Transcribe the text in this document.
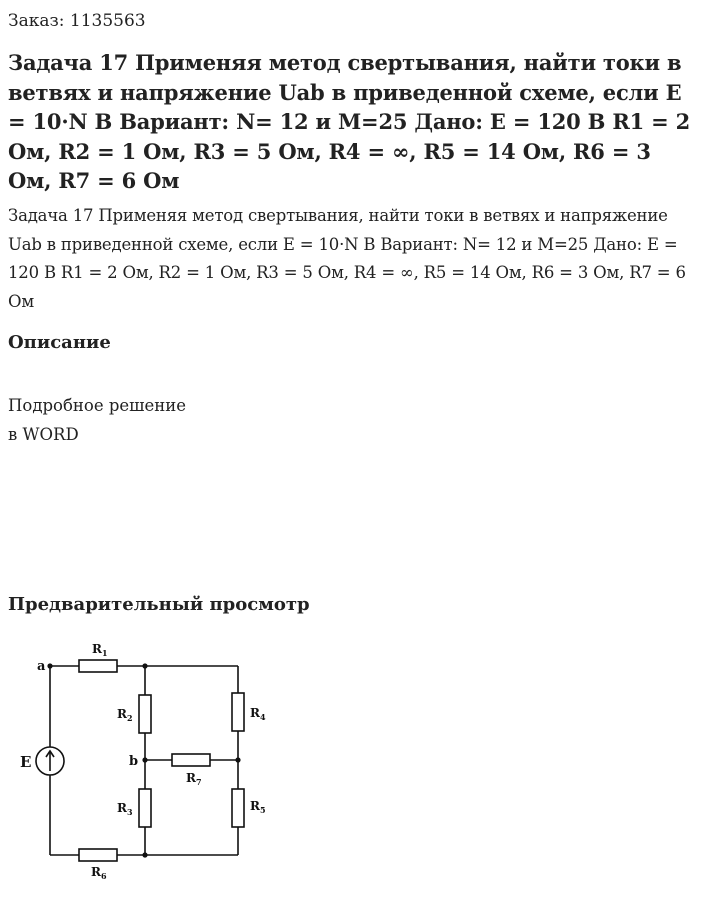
Заказ: 1135563
Задача 17 Применяя метод свертывания, найти токи в ветвях и напряжение Uab в приведенной схеме, если E = 10·N B Вариант: N= 12 и M=25 Дано: E = 120 В R1 = 2 Ом, R2 = 1 Ом, R3 = 5 Ом, R4 = ∞, R5 = 14 Ом, R6 = 3 Ом, R7 = 6 Ом

Задача 17 Применяя метод свертывания, найти токи в ветвях и напряжение Uab в приведенной схеме, если E = 10·N B Вариант: N= 12 и M=25 Дано: E = 120 В R1 = 2 Ом, R2 = 1 Ом, R3 = 5 Ом, R4 = ∞, R5 = 14 Ом, R6 = 3 Ом, R7 = 6 Ом

Описание
Подробное решение
в WORD
Предварительный просмотр
a
b
E
$R_1$
$R_2$
$R_3$
$R_4$
$R_5$
$R_6$
$R_7$
